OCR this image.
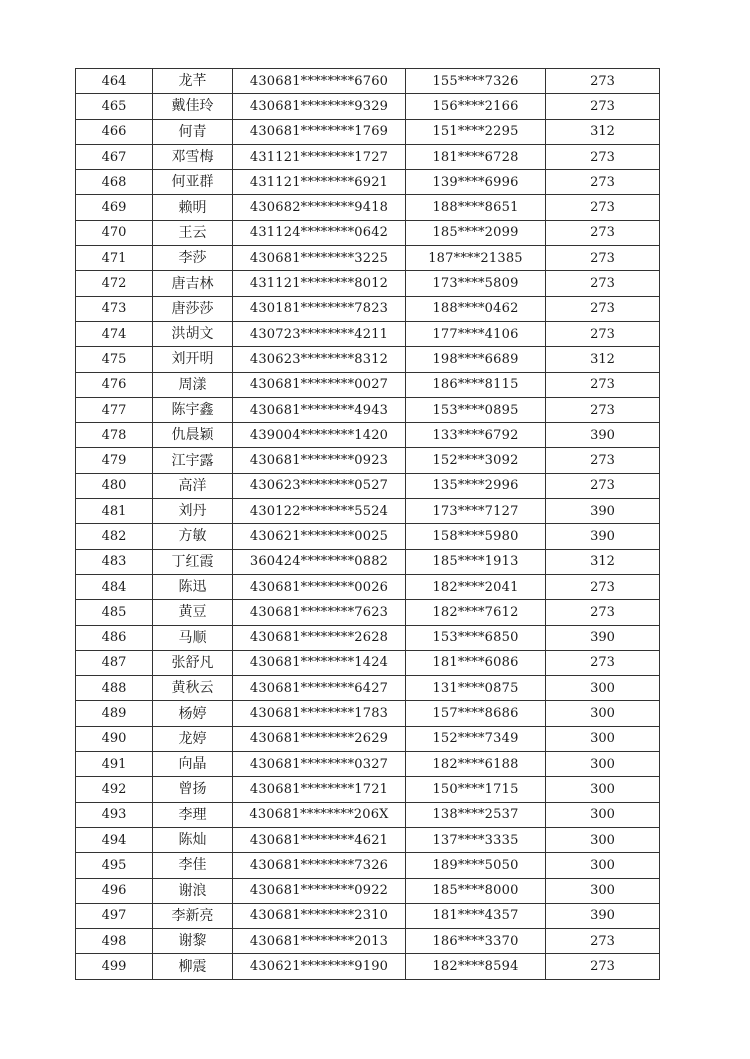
464	龙芊	430681********6760	155****7326	273
465	戴佳玲	430681********9329	156****2166	273
466	何青	430681********1769	151****2295	312
467	邓雪梅	431121********1727	181****6728	273
468	何亚群	431121********6921	139****6996	273
469	赖明	430682********9418	188****8651	273
470	王云	431124********0642	185****2099	273
471	李莎	430681********3225	187****21385	273
472	唐吉林	431121********8012	173****5809	273
473	唐莎莎	430181********7823	188****0462	273
474	洪胡文	430723********4211	177****4106	273
475	刘开明	430623********8312	198****6689	312
476	周漾	430681********0027	186****8115	273
477	陈宇鑫	430681********4943	153****0895	273
478	仇晨颖	439004********1420	133****6792	390
479	江宇露	430681********0923	152****3092	273
480	高洋	430623********0527	135****2996	273
481	刘丹	430122********5524	173****7127	390
482	方敏	430621********0025	158****5980	390
483	丁红霞	360424********0882	185****1913	312
484	陈迅	430681********0026	182****2041	273
485	黄豆	430681********7623	182****7612	273
486	马顺	430681********2628	153****6850	390
487	张舒凡	430681********1424	181****6086	273
488	黄秋云	430681********6427	131****0875	300
489	杨婷	430681********1783	157****8686	300
490	龙婷	430681********2629	152****7349	300
491	向晶	430681********0327	182****6188	300
492	曾扬	430681********1721	150****1715	300
493	李理	430681********206X	138****2537	300
494	陈灿	430681********4621	137****3335	300
495	李佳	430681********7326	189****5050	300
496	谢浪	430681********0922	185****8000	300
497	李新亮	430681********2310	181****4357	390
498	谢黎	430681********2013	186****3370	273
499	柳震	430621********9190	182****8594	273
